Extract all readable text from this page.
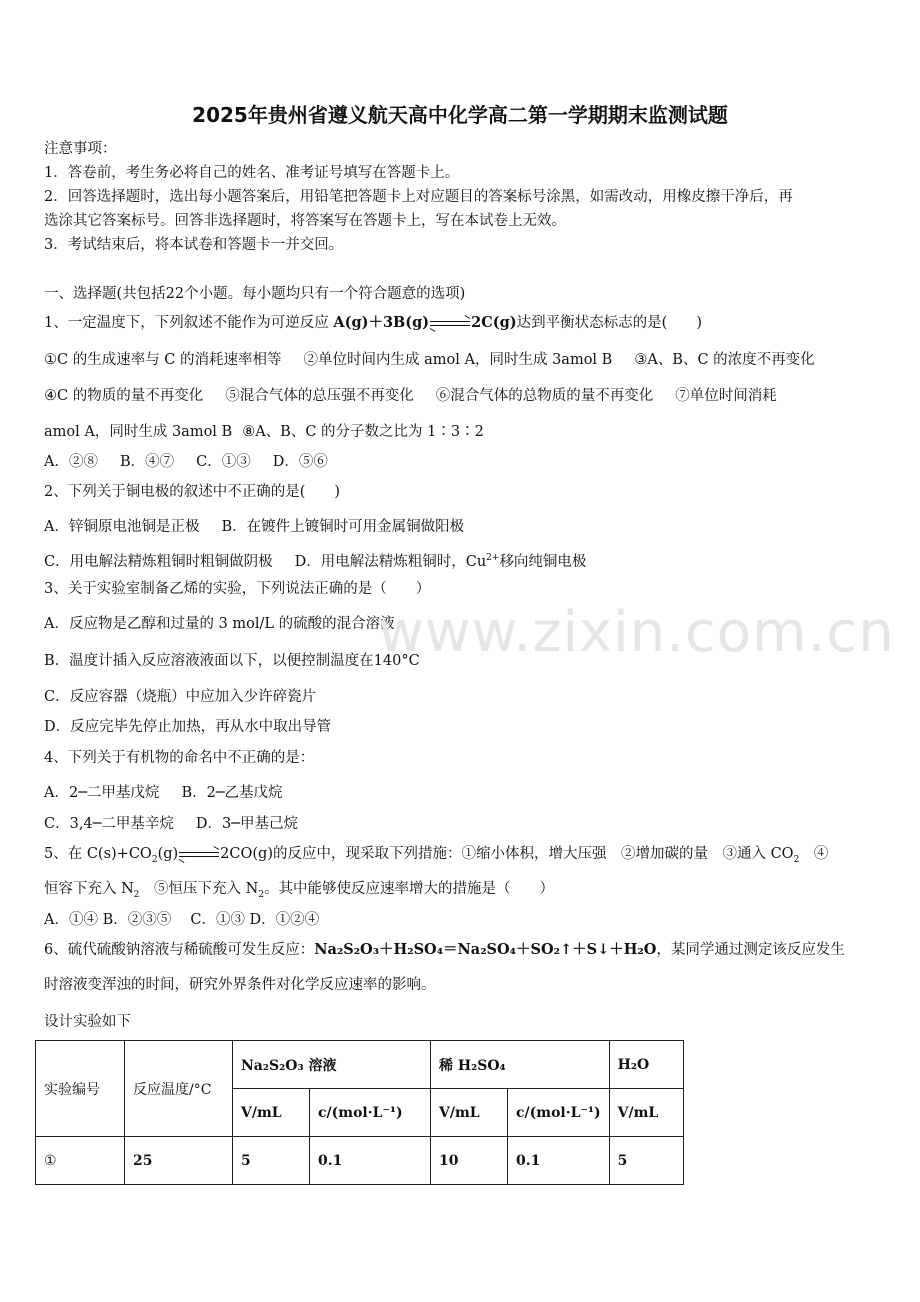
2025年贵州省遵义航天高中化学高二第一学期期末监测试题
注意事项：
1．答卷前，考生务必将自己的姓名、准考证号填写在答题卡上。
2．回答选择题时，选出每小题答案后，用铅笔把答题卡上对应题目的答案标号涂黑，如需改动，用橡皮擦干净后，再
选涂其它答案标号。回答非选择题时，将答案写在答题卡上，写在本试卷上无效。
3．考试结束后，将本试卷和答题卡一并交回。
一、选择题(共包括22个小题。每小题均只有一个符合题意的选项)
1、一定温度下，下列叙述不能作为可逆反应 A(g)＋3B(g)	2C(g)达到平衡状态标志的是(　　)
①C 的生成速率与 C 的消耗速率相等 ②单位时间内生成 amol A，同时生成 3amol B ③A、B、C 的浓度不再变化
④C 的物质的量不再变化 ⑤混合气体的总压强不再变化 ⑥混合气体的总物质的量不再变化 ⑦单位时间消耗
amol A，同时生成 3amol B ⑧A、B、C 的分子数之比为 1∶3∶2
A．②⑧ B．④⑦ C．①③ D．⑤⑥
2、下列关于铜电极的叙述中不正确的是(　　)
A．锌铜原电池铜是正极 B．在镀件上镀铜时可用金属铜做阳极
C．用电解法精炼粗铜时粗铜做阴极 D．用电解法精炼粗铜时，$Cu^{2+}$移向纯铜电极
3、关于实验室制备乙烯的实验，下列说法正确的是（　　）
A．反应物是乙醇和过量的 3 mol/L 的硫酸的混合溶液
B．温度计插入反应溶液液面以下，以便控制温度在140°C
C．反应容器（烧瓶）中应加入少许碎瓷片
D．反应完毕先停止加热，再从水中取出导管
4、下列关于有机物的命名中不正确的是：
A．2─二甲基戊烷 B．2─乙基戊烷
C．3,4─二甲基辛烷 D．3─甲基己烷
5、在 $C(s)+CO_2(g)$	2CO(g)的反应中，现采取下列措施：①缩小体积，增大压强　②增加碳的量　③通入 $CO_2$　④
恒容下充入 $N_2$　⑤恒压下充入 $N_2$。其中能够使反应速率增大的措施是（　　）
A．①④ B．②③⑤　 C．①③ D．①②④
6、硫代硫酸钠溶液与稀硫酸可发生反应：Na₂S₂O₃＋H₂SO₄＝Na₂SO₄＋SO₂↑＋S↓＋H₂O，某同学通过测定该反应发生
时溶液变浑浊的时间，研究外界条件对化学反应速率的影响。
设计实验如下
实验编号	反应温度/°C	Na₂S₂O₃ 溶液		稀 H₂SO₄		H₂O
		V/mL	c/(mol·L⁻¹)	V/mL	c/(mol·L⁻¹)	V/mL
①	25	5	0.1	10	0.1	5
www.zixin.com.cn
